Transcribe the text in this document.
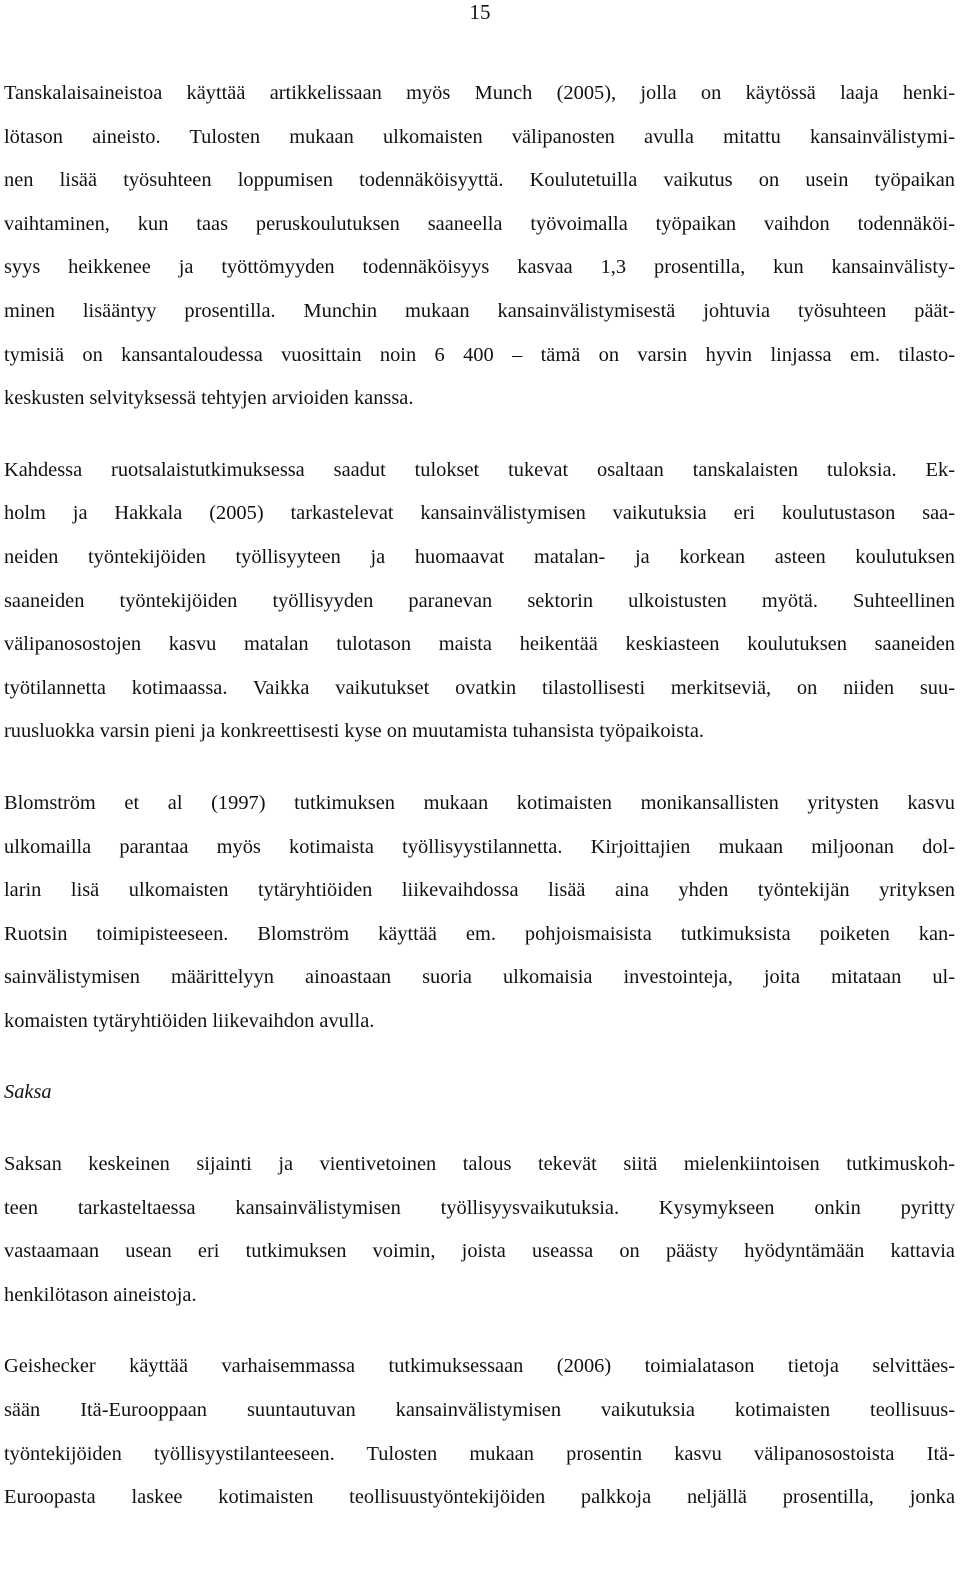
15
Tanskalaisaineistoa käyttää artikkelissaan myös Munch (2005), jolla on käytössä laaja henki-
lötason aineisto. Tulosten mukaan ulkomaisten välipanosten avulla mitattu kansainvälistymi-
nen lisää työsuhteen loppumisen todennäköisyyttä. Koulutetuilla vaikutus on usein työpaikan
vaihtaminen, kun taas peruskoulutuksen saaneella työvoimalla työpaikan vaihdon todennäköi-
syys heikkenee ja työttömyyden todennäköisyys kasvaa 1,3 prosentilla, kun kansainvälisty-
minen lisääntyy prosentilla. Munchin mukaan kansainvälistymisestä johtuvia työsuhteen päät-
tymisiä on kansantaloudessa vuosittain noin 6 400 – tämä on varsin hyvin linjassa em. tilasto-
keskusten selvityksessä tehtyjen arvioiden kanssa.
Kahdessa ruotsalaistutkimuksessa saadut tulokset tukevat osaltaan tanskalaisten tuloksia. Ek-
holm ja Hakkala (2005) tarkastelevat kansainvälistymisen vaikutuksia eri koulutustason saa-
neiden työntekijöiden työllisyyteen ja huomaavat matalan- ja korkean asteen koulutuksen
saaneiden työntekijöiden työllisyyden paranevan sektorin ulkoistusten myötä. Suhteellinen
välipanosostojen kasvu matalan tulotason maista heikentää keskiasteen koulutuksen saaneiden
työtilannetta kotimaassa. Vaikka vaikutukset ovatkin tilastollisesti merkitseviä, on niiden suu-
ruusluokka varsin pieni ja konkreettisesti kyse on muutamista tuhansista työpaikoista.
Blomström et al (1997) tutkimuksen mukaan kotimaisten monikansallisten yritysten kasvu
ulkomailla parantaa myös kotimaista työllisyystilannetta. Kirjoittajien mukaan miljoonan dol-
larin lisä ulkomaisten tytäryhtiöiden liikevaihdossa lisää aina yhden työntekijän yrityksen
Ruotsin toimipisteeseen. Blomström käyttää em. pohjoismaisista tutkimuksista poiketen kan-
sainvälistymisen määrittelyyn ainoastaan suoria ulkomaisia investointeja, joita mitataan ul-
komaisten tytäryhtiöiden liikevaihdon avulla.
Saksa
Saksan keskeinen sijainti ja vientivetoinen talous tekevät siitä mielenkiintoisen tutkimuskoh-
teen tarkasteltaessa kansainvälistymisen työllisyysvaikutuksia. Kysymykseen onkin pyritty
vastaamaan usean eri tutkimuksen voimin, joista useassa on päästy hyödyntämään kattavia
henkilötason aineistoja.
Geishecker käyttää varhaisemmassa tutkimuksessaan (2006) toimialatason tietoja selvittäes-
sään Itä-Eurooppaan suuntautuvan kansainvälistymisen vaikutuksia kotimaisten teollisuus-
työntekijöiden työllisyystilanteeseen. Tulosten mukaan prosentin kasvu välipanosostoista Itä-
Euroopasta laskee kotimaisten teollisuustyöntekijöiden palkkoja neljällä prosentilla, jonka
